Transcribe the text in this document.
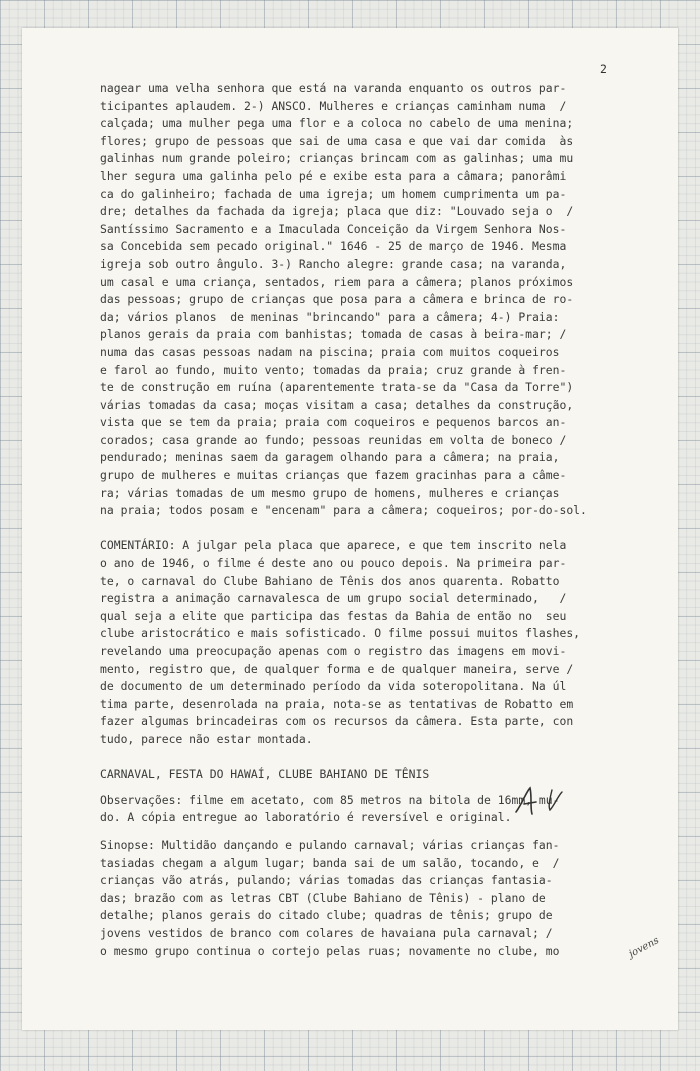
2
nagear uma velha senhora que está na varanda enquanto os outros par-
ticipantes aplaudem. 2-) ANSCO. Mulheres e crianças caminham numa  /
calçada; uma mulher pega uma flor e a coloca no cabelo de uma menina;
flores; grupo de pessoas que sai de uma casa e que vai dar comida  às
galinhas num grande poleiro; crianças brincam com as galinhas; uma mu
lher segura uma galinha pelo pé e exibe esta para a câmara; panorâmi
ca do galinheiro; fachada de uma igreja; um homem cumprimenta um pa-
dre; detalhes da fachada da igreja; placa que diz: "Louvado seja o  /
Santíssimo Sacramento e a Imaculada Conceição da Virgem Senhora Nos-
sa Concebida sem pecado original." 1646 - 25 de março de 1946. Mesma
igreja sob outro ângulo. 3-) Rancho alegre: grande casa; na varanda,
um casal e uma criança, sentados, riem para a câmera; planos próximos
das pessoas; grupo de crianças que posa para a câmera e brinca de ro-
da; vários planos  de meninas "brincando" para a câmera; 4-) Praia:
planos gerais da praia com banhistas; tomada de casas à beira-mar; /
numa das casas pessoas nadam na piscina; praia com muitos coqueiros
e farol ao fundo, muito vento; tomadas da praia; cruz grande à fren-
te de construção em ruína (aparentemente trata-se da "Casa da Torre")
várias tomadas da casa; moças visitam a casa; detalhes da construção,
vista que se tem da praia; praia com coqueiros e pequenos barcos an-
corados; casa grande ao fundo; pessoas reunidas em volta de boneco /
pendurado; meninas saem da garagem olhando para a câmera; na praia,
grupo de mulheres e muitas crianças que fazem gracinhas para a câme-
ra; várias tomadas de um mesmo grupo de homens, mulheres e crianças
na praia; todos posam e "encenam" para a câmera; coqueiros; por-do-sol.
COMENTÁRIO: A julgar pela placa que aparece, e que tem inscrito nela
o ano de 1946, o filme é deste ano ou pouco depois. Na primeira par-
te, o carnaval do Clube Bahiano de Tênis dos anos quarenta. Robatto
registra a animação carnavalesca de um grupo social determinado,   /
qual seja a elite que participa das festas da Bahia de então no  seu
clube aristocrático e mais sofisticado. O filme possui muitos flashes,
revelando uma preocupação apenas com o registro das imagens em movi-
mento, registro que, de qualquer forma e de qualquer maneira, serve /
de documento de um determinado período da vida soteropolitana. Na úl
tima parte, desenrolada na praia, nota-se as tentativas de Robatto em
fazer algumas brincadeiras com os recursos da câmera. Esta parte, con
tudo, parece não estar montada.
CARNAVAL, FESTA DO HAWAÍ, CLUBE BAHIANO DE TÊNIS
Observações: filme em acetato, com 85 metros na bitola de 16mm, mu-
do. A cópia entregue ao laboratório é reversível e original.
Sinopse: Multidão dançando e pulando carnaval; várias crianças fan-
tasiadas chegam a algum lugar; banda sai de um salão, tocando, e  /
crianças vão atrás, pulando; várias tomadas das crianças fantasia-
das; brazão com as letras CBT (Clube Bahiano de Tênis) - plano de
detalhe; planos gerais do citado clube; quadras de tênis; grupo de
jovens vestidos de branco com colares de havaiana pula carnaval; /
o mesmo grupo continua o cortejo pelas ruas; novamente no clube, mo	jovens
